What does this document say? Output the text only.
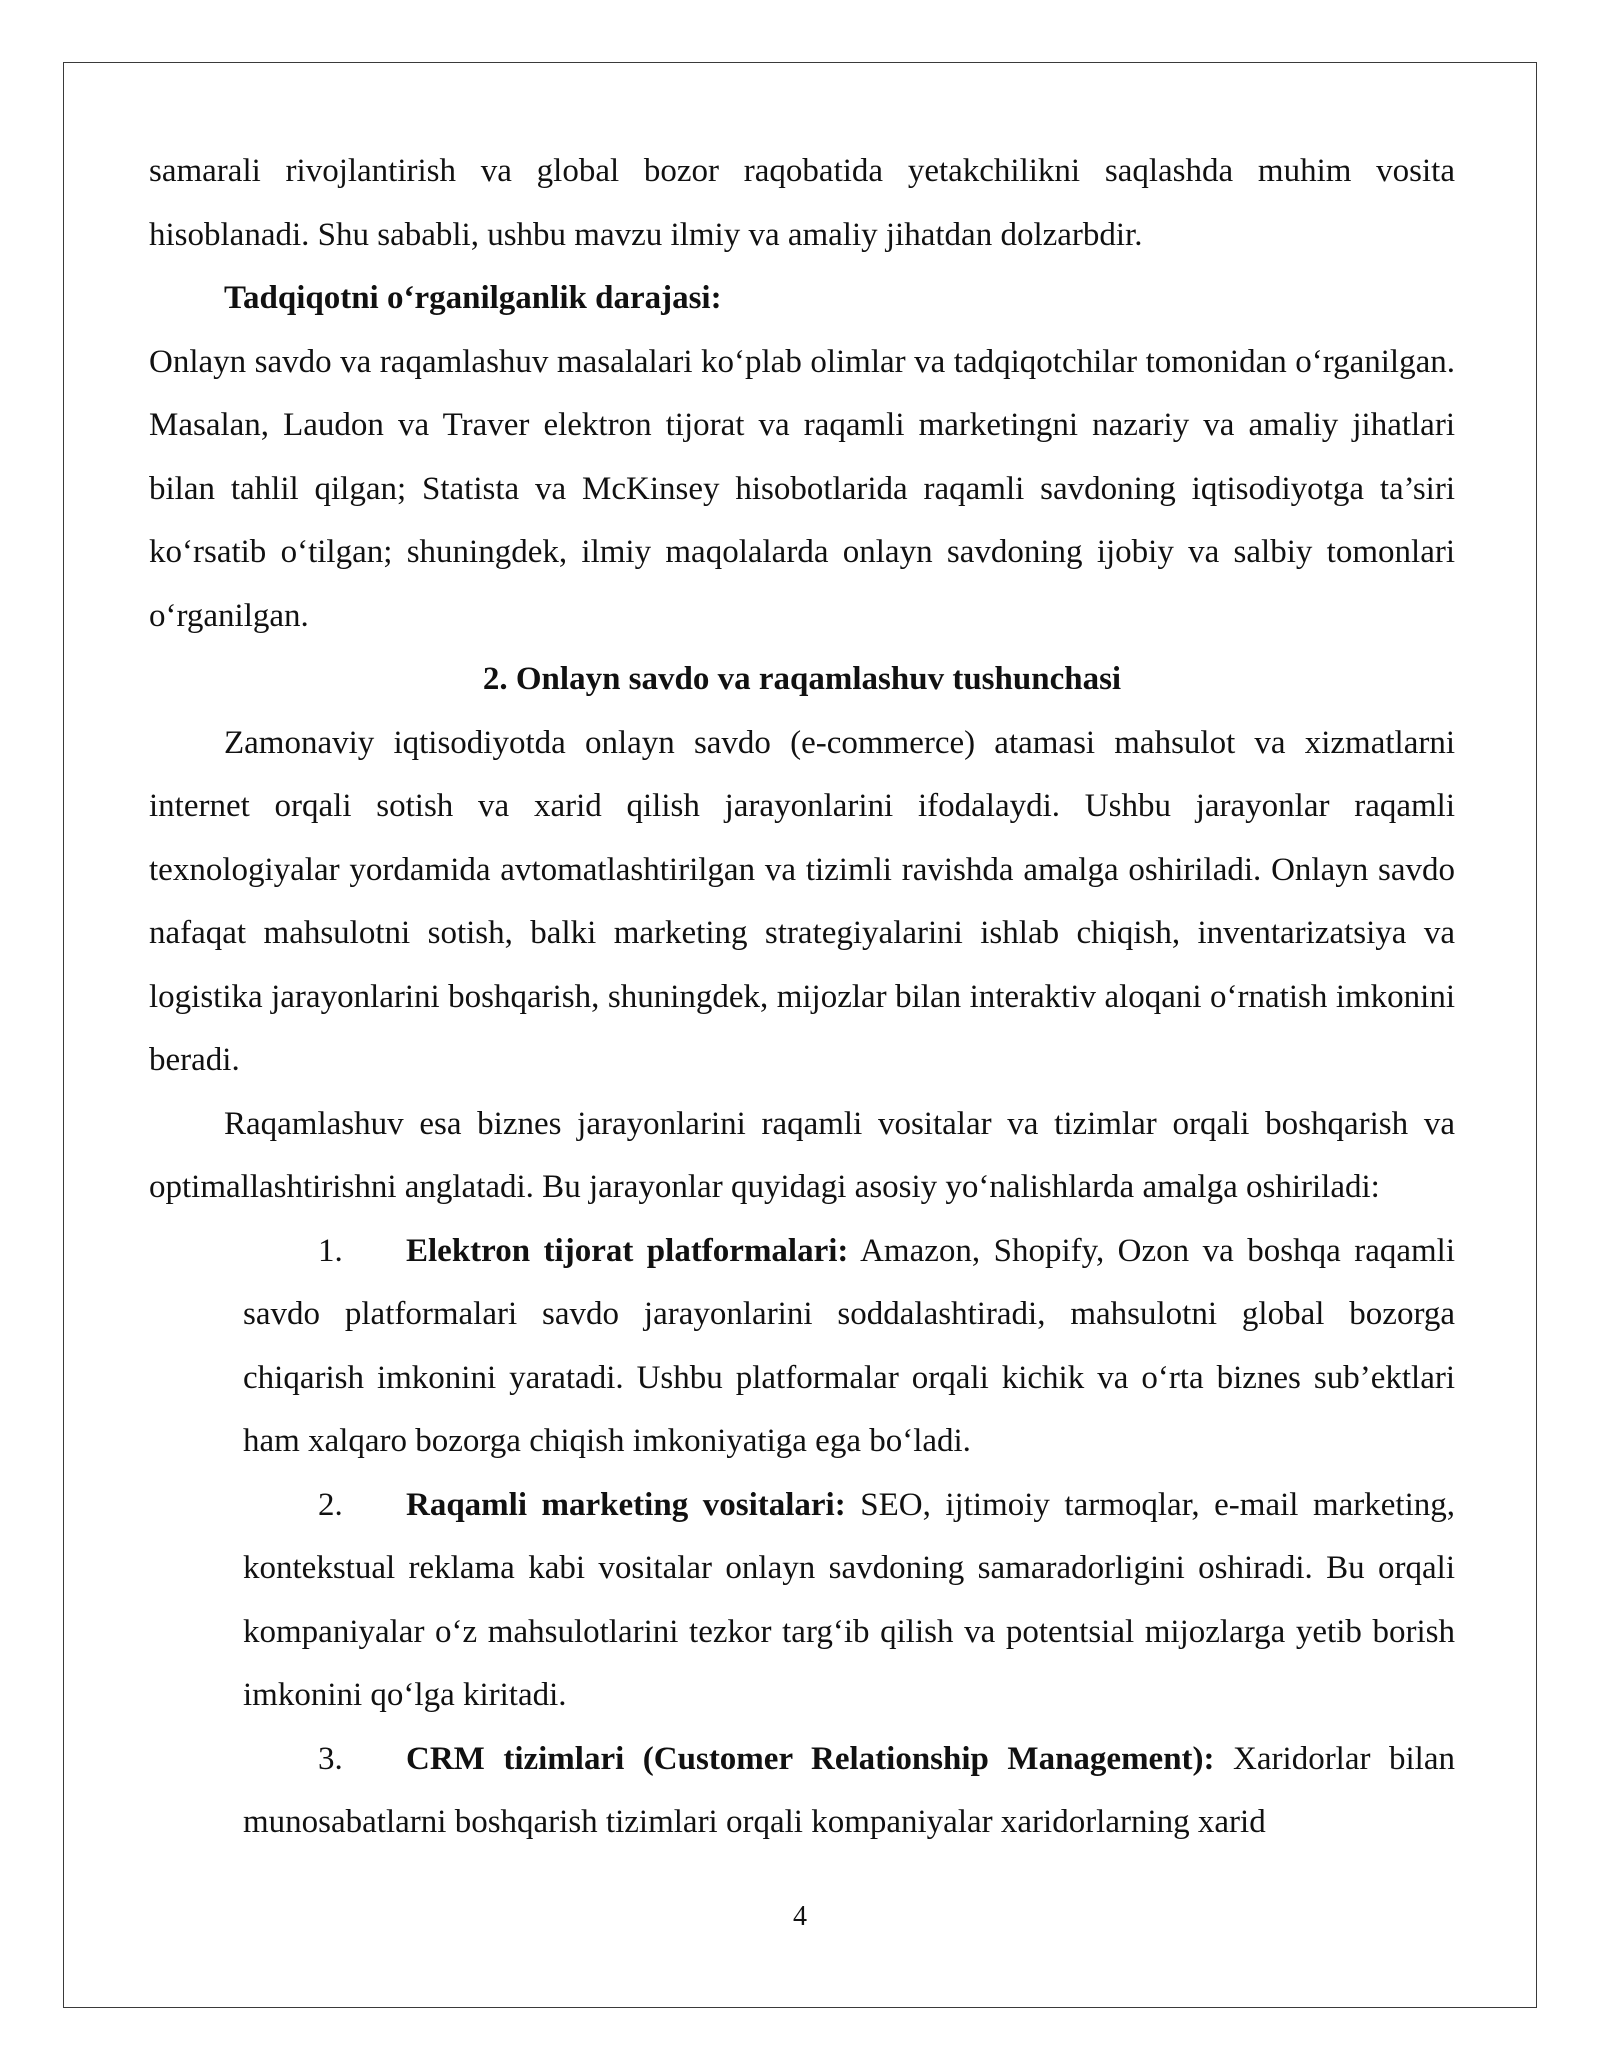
samarali rivojlantirish va global bozor raqobatida yetakchilikni saqlashda muhim vosita hisoblanadi. Shu sababli, ushbu mavzu ilmiy va amaliy jihatdan dolzarbdir.

Tadqiqotni o‘rganilganlik darajasi:

Onlayn savdo va raqamlashuv masalalari ko‘plab olimlar va tadqiqotchilar tomonidan o‘rganilgan. Masalan, Laudon va Traver elektron tijorat va raqamli marketingni nazariy va amaliy jihatlari bilan tahlil qilgan; Statista va McKinsey hisobotlarida raqamli savdoning iqtisodiyotga ta’siri ko‘rsatib o‘tilgan; shuningdek, ilmiy maqolalarda onlayn savdoning ijobiy va salbiy tomonlari o‘rganilgan.

2. Onlayn savdo va raqamlashuv tushunchasi

Zamonaviy iqtisodiyotda onlayn savdo (e-commerce) atamasi mahsulot va xizmatlarni internet orqali sotish va xarid qilish jarayonlarini ifodalaydi. Ushbu jarayonlar raqamli texnologiyalar yordamida avtomatlashtirilgan va tizimli ravishda amalga oshiriladi. Onlayn savdo nafaqat mahsulotni sotish, balki marketing strategiyalarini ishlab chiqish, inventarizatsiya va logistika jarayonlarini boshqarish, shuningdek, mijozlar bilan interaktiv aloqani o‘rnatish imkonini beradi.

Raqamlashuv esa biznes jarayonlarini raqamli vositalar va tizimlar orqali boshqarish va optimallashtirishni anglatadi. Bu jarayonlar quyidagi asosiy yo‘nalishlarda amalga oshiriladi:

1. Elektron tijorat platformalari: Amazon, Shopify, Ozon va boshqa raqamli savdo platformalari savdo jarayonlarini soddalashtiradi, mahsulotni global bozorga chiqarish imkonini yaratadi. Ushbu platformalar orqali kichik va o‘rta biznes sub’ektlari ham xalqaro bozorga chiqish imkoniyatiga ega bo‘ladi.

2. Raqamli marketing vositalari: SEO, ijtimoiy tarmoqlar, e-mail marketing, kontekstual reklama kabi vositalar onlayn savdoning samaradorligini oshiradi. Bu orqali kompaniyalar o‘z mahsulotlarini tezkor targ‘ib qilish va potentsial mijozlarga yetib borish imkonini qo‘lga kiritadi.

3. CRM tizimlari (Customer Relationship Management): Xaridorlar bilan munosabatlarni boshqarish tizimlari orqali kompaniyalar xaridorlarning xarid

4
